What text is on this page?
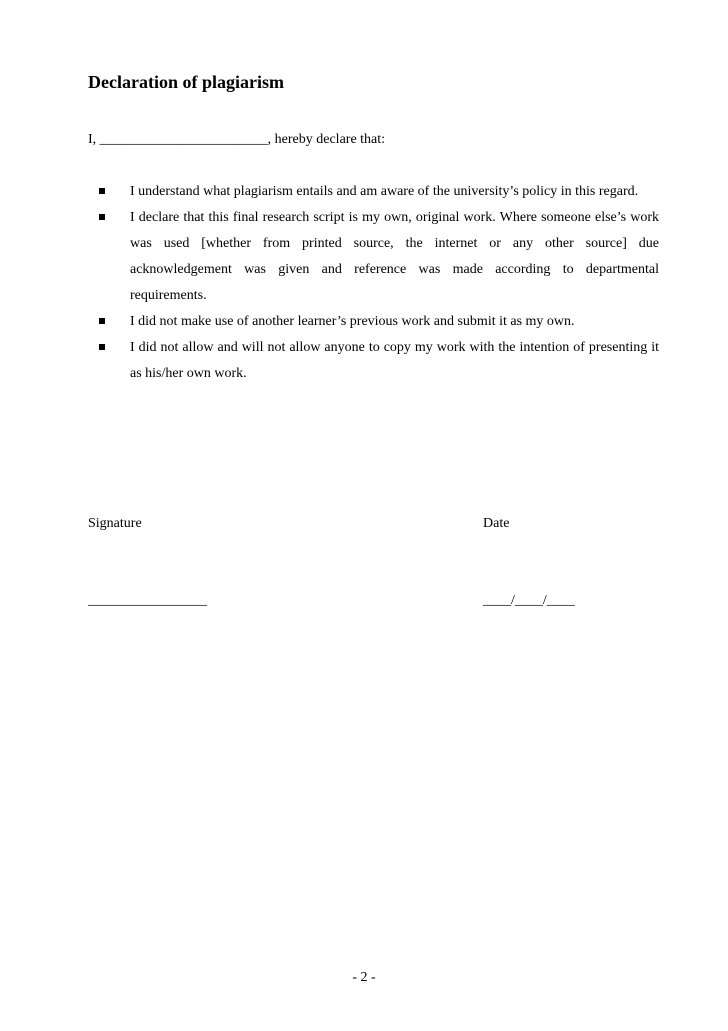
Declaration of plagiarism
I, ________________________, hereby declare that:
I understand what plagiarism entails and am aware of the university’s policy in this regard.
I declare that this final research script is my own, original work. Where someone else’s work was used [whether from printed source, the internet or any other source] due acknowledgement was given and reference was made according to departmental requirements.
I did not make use of another learner’s previous work and submit it as my own.
I did not allow and will not allow anyone to copy my work with the intention of presenting it as his/her own work.
Signature	Date
_________________	____/____/____
- 2 -
